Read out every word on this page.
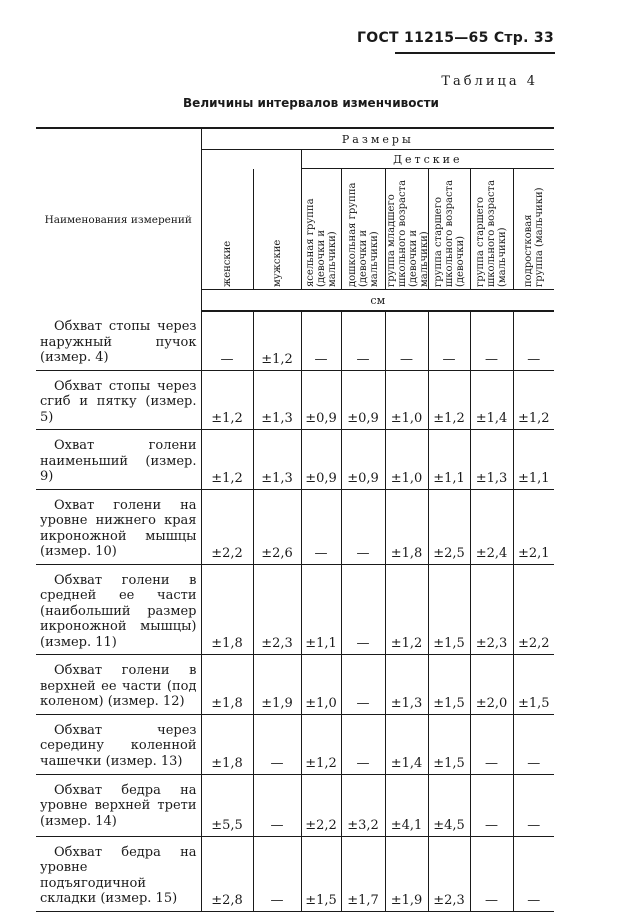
ГОСТ 11215—65 Стр. 33
Таблица 4
Величины интервалов изменчивости
Наименования измерений	Размеры							
			Детские					

	женские	мужские	ясельная группа (девочки и мальчики)	дошкольная группа (девочки и мальчики)	группа младшего школьного возраста (девочки и мальчики)	группа старшего школьного возраста (девочки)	группа старшего школьного возраста (мальчики)	подростковая группа (мальчики)

	см							

Обхват стопы через наружный пучок (измер. 4)	—	±1,2	—	—	—	—	—	—

Обхват стопы через сгиб и пятку (измер. 5)	±1,2	±1,3	±0,9	±0,9	±1,0	±1,2	±1,4	±1,2

Охват голени наименьший (измер. 9)	±1,2	±1,3	±0,9	±0,9	±1,0	±1,1	±1,3	±1,1

Охват голени на уровне нижнего края икроножной мышцы (измер. 10)	±2,2	±2,6	—	—	±1,8	±2,5	±2,4	±2,1

Обхват голени в средней ее части (наибольший размер икроножной мышцы) (измер. 11)	±1,8	±2,3	±1,1	—	±1,2	±1,5	±2,3	±2,2

Обхват голени в верхней ее части (под коленом) (измер. 12)	±1,8	±1,9	±1,0	—	±1,3	±1,5	±2,0	±1,5

Обхват через середину коленной чашечки (измер. 13)	±1,8	—	±1,2	—	±1,4	±1,5	—	—

Обхват бедра на уровне верхней трети (измер. 14)	±5,5	—	±2,2	±3,2	±4,1	±4,5	—	—

Обхват бедра на уровне подъягодичной складки (измер. 15)	±2,8	—	±1,5	±1,7	±1,9	±2,3	—	—
